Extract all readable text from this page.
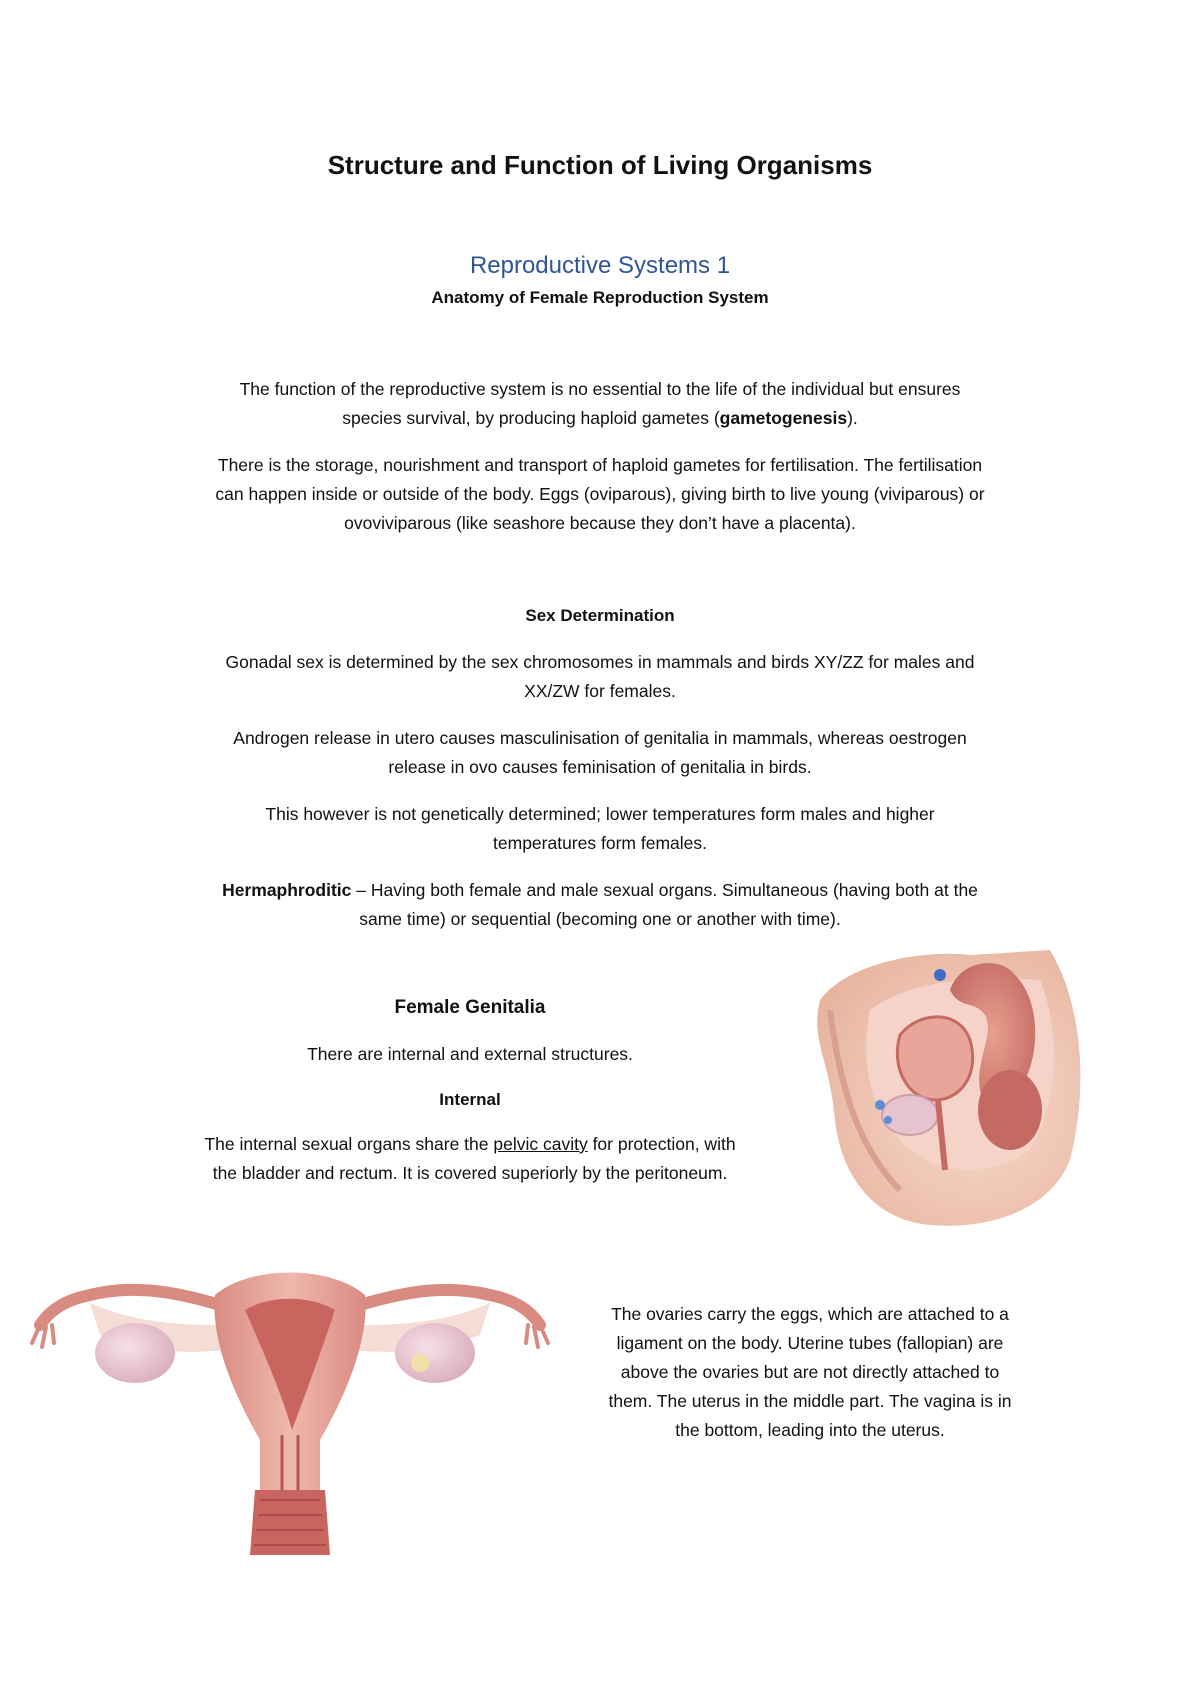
Structure and Function of Living Organisms
Reproductive Systems 1
Anatomy of Female Reproduction System
The function of the reproductive system is no essential to the life of the individual but ensures
species survival, by producing haploid gametes (gametogenesis).
There is the storage, nourishment and transport of haploid gametes for fertilisation. The fertilisation
can happen inside or outside of the body. Eggs (oviparous), giving birth to live young (viviparous) or
ovoviviparous (like seashore because they don’t have a placenta).
Sex Determination
Gonadal sex is determined by the sex chromosomes in mammals and birds XY/ZZ for males and
XX/ZW for females.
Androgen release in utero causes masculinisation of genitalia in mammals, whereas oestrogen
release in ovo causes feminisation of genitalia in birds.
This however is not genetically determined; lower temperatures form males and higher
temperatures form females.
Hermaphroditic – Having both female and male sexual organs. Simultaneous (having both at the
same time) or sequential (becoming one or another with time).
Female Genitalia
There are internal and external structures.
Internal
The internal sexual organs share the pelvic cavity for protection, with
the bladder and rectum. It is covered superiorly by the peritoneum.
The ovaries carry the eggs, which are attached to a
ligament on the body. Uterine tubes (fallopian) are
above the ovaries but are not directly attached to
them. The uterus in the middle part. The vagina is in
the bottom, leading into the uterus.
